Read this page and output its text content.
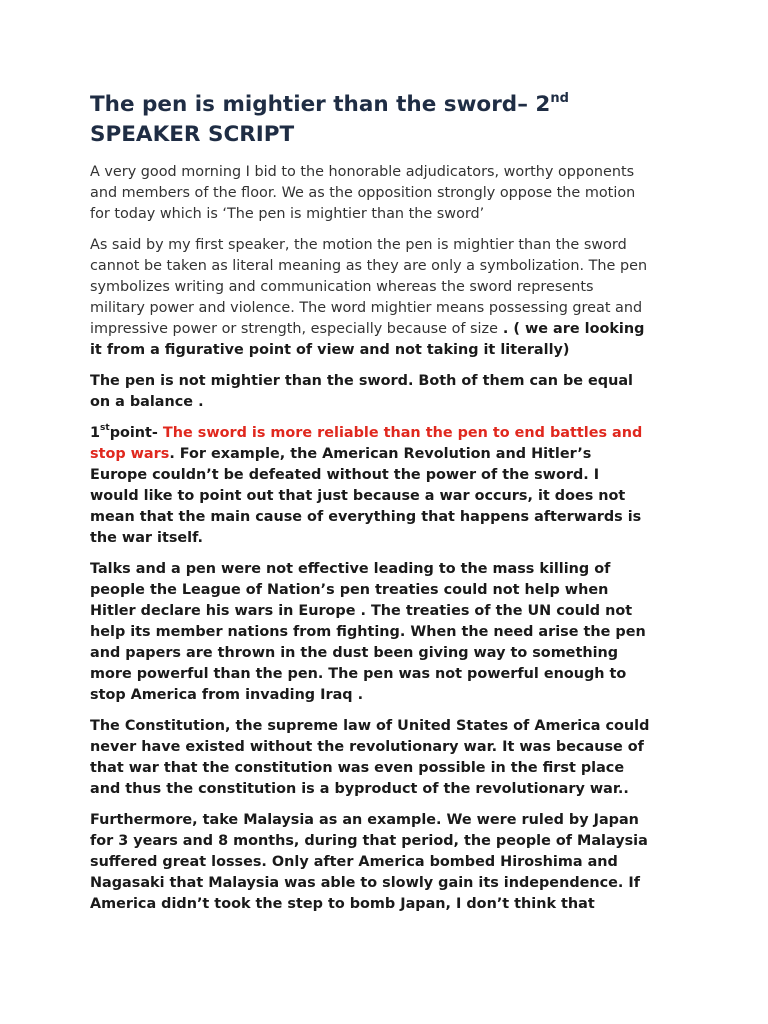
The pen is mightier than the sword– 2nd
SPEAKER SCRIPT
A very good morning I bid to the honorable adjudicators, worthy opponents
and members of the floor. We as the opposition strongly oppose the motion
for today which is ‘The pen is mightier than the sword’
As said by my first speaker, the motion the pen is mightier than the sword
cannot be taken as literal meaning as they are only a symbolization. The pen
symbolizes writing and communication whereas the sword represents
military power and violence. The word mightier means possessing great and
impressive power or strength, especially because of size . ( we are looking
it from a figurative point of view and not taking it literally)
The pen is not mightier than the sword. Both of them can be equal
on a balance .
1stpoint- The sword is more reliable than the pen to end battles and
stop wars. For example, the American Revolution and Hitler’s
Europe couldn’t be defeated without the power of the sword. I
would like to point out that just because a war occurs, it does not
mean that the main cause of everything that happens afterwards is
the war itself.
Talks and a pen were not effective leading to the mass killing of
people the League of Nation’s pen treaties could not help when
Hitler declare his wars in Europe . The treaties of the UN could not
help its member nations from fighting. When the need arise the pen
and papers are thrown in the dust been giving way to something
more powerful than the pen. The pen was not powerful enough to
stop America from invading Iraq .
The Constitution, the supreme law of United States of America could
never have existed without the revolutionary war. It was because of
that war that the constitution was even possible in the first place
and thus the constitution is a byproduct of the revolutionary war..
Furthermore, take Malaysia as an example. We were ruled by Japan
for 3 years and 8 months, during that period, the people of Malaysia
suffered great losses. Only after America bombed Hiroshima and
Nagasaki that Malaysia was able to slowly gain its independence. If
America didn’t took the step to bomb Japan, I don’t think that
